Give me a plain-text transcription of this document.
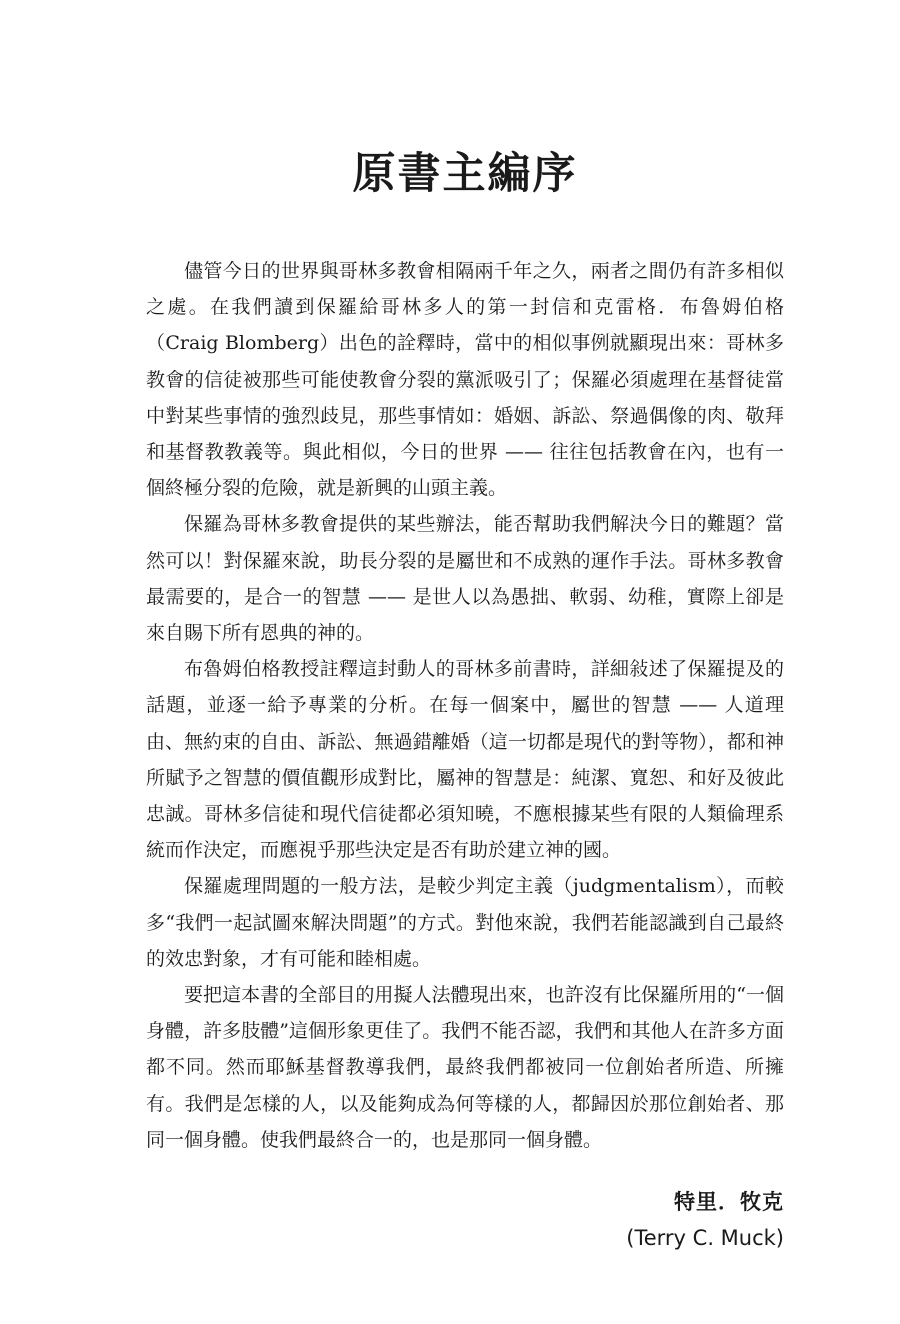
原書主編序

儘管今日的世界與哥林多教會相隔兩千年之久，兩者之間仍有許多相似之處。在我們讀到保羅給哥林多人的第一封信和克雷格．布魯姆伯格（Craig Blomberg）出色的詮釋時，當中的相似事例就顯現出來：哥林多教會的信徒被那些可能使教會分裂的黨派吸引了；保羅必須處理在基督徒當中對某些事情的強烈歧見，那些事情如：婚姻、訴訟、祭過偶像的肉、敬拜和基督教教義等。與此相似，今日的世界 —— 往往包括教會在內，也有一個終極分裂的危險，就是新興的山頭主義。

保羅為哥林多教會提供的某些辦法，能否幫助我們解決今日的難題？當然可以！對保羅來說，助長分裂的是屬世和不成熟的運作手法。哥林多教會最需要的，是合一的智慧 —— 是世人以為愚拙、軟弱、幼稚，實際上卻是來自賜下所有恩典的神的。

布魯姆伯格教授註釋這封動人的哥林多前書時，詳細敍述了保羅提及的話題，並逐一給予專業的分析。在每一個案中，屬世的智慧 —— 人道理由、無約束的自由、訴訟、無過錯離婚（這一切都是現代的對等物），都和神所賦予之智慧的價值觀形成對比，屬神的智慧是：純潔、寬恕、和好及彼此忠誠。哥林多信徒和現代信徒都必須知曉，不應根據某些有限的人類倫理系統而作決定，而應視乎那些決定是否有助於建立神的國。

保羅處理問題的一般方法，是較少判定主義（judgmentalism），而較多“我們一起試圖來解決問題”的方式。對他來說，我們若能認識到自己最終的效忠對象，才有可能和睦相處。

要把這本書的全部目的用擬人法體現出來，也許沒有比保羅所用的“一個身體，許多肢體”這個形象更佳了。我們不能否認，我們和其他人在許多方面都不同。然而耶穌基督教導我們，最終我們都被同一位創始者所造、所擁有。我們是怎樣的人，以及能夠成為何等樣的人，都歸因於那位創始者、那同一個身體。使我們最終合一的，也是那同一個身體。

特里．牧克
(Terry C. Muck)
